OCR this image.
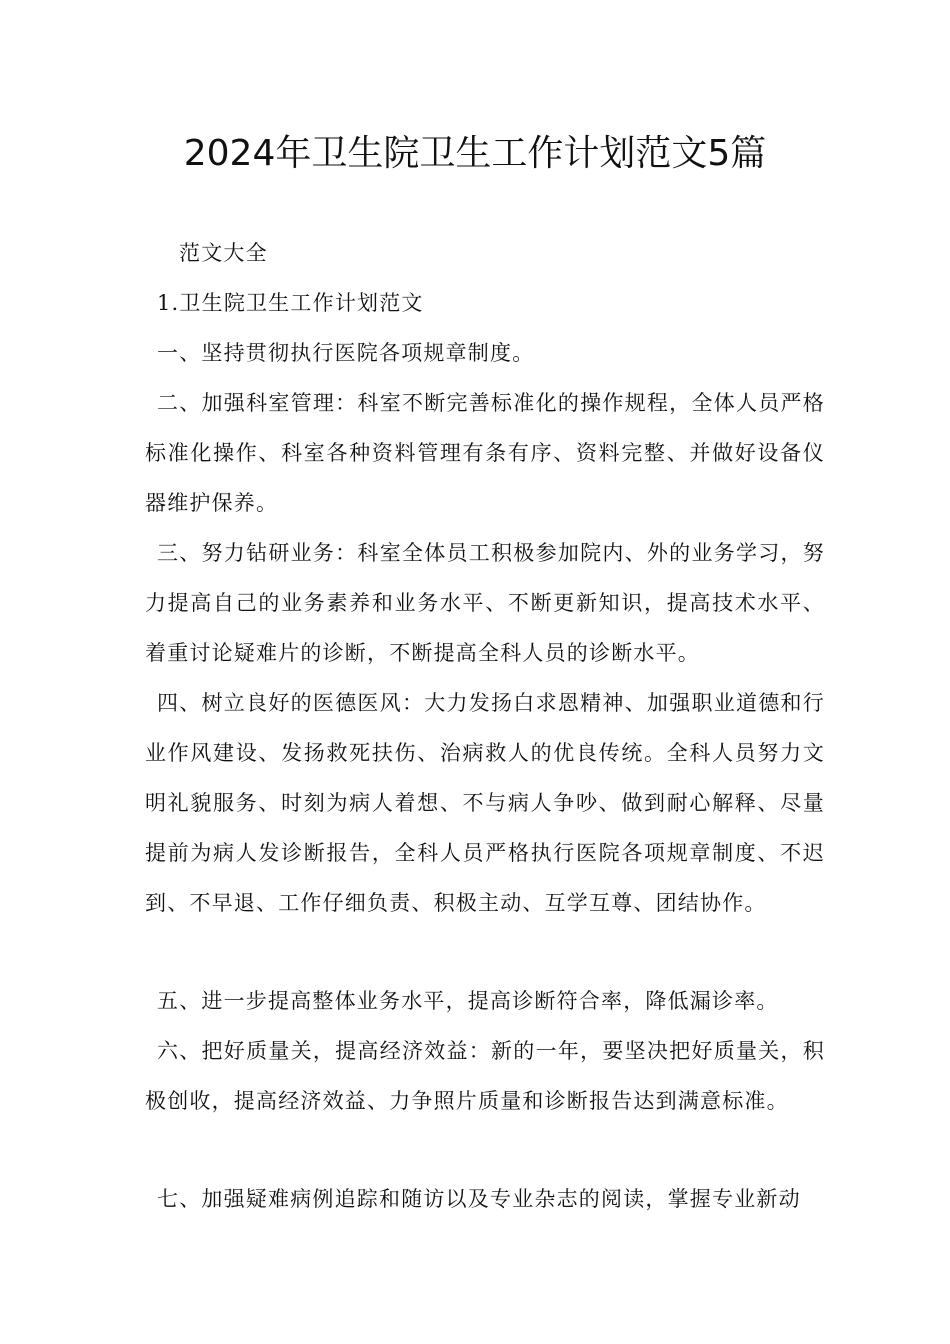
2024年卫生院卫生工作计划范文5篇
范文大全
1.卫生院卫生工作计划范文
一、坚持贯彻执行医院各项规章制度。
二、加强科室管理：科室不断完善标准化的操作规程，全体人员严格标准化操作、科室各种资料管理有条有序、资料完整、并做好设备仪器维护保养。
三、努力钻研业务：科室全体员工积极参加院内、外的业务学习，努力提高自己的业务素养和业务水平、不断更新知识，提高技术水平、着重讨论疑难片的诊断，不断提高全科人员的诊断水平。
四、树立良好的医德医风：大力发扬白求恩精神、加强职业道德和行业作风建设、发扬救死扶伤、治病救人的优良传统。全科人员努力文明礼貌服务、时刻为病人着想、不与病人争吵、做到耐心解释、尽量提前为病人发诊断报告，全科人员严格执行医院各项规章制度、不迟到、不早退、工作仔细负责、积极主动、互学互尊、团结协作。
五、进一步提高整体业务水平，提高诊断符合率，降低漏诊率。
六、把好质量关，提高经济效益：新的一年，要坚决把好质量关，积极创收，提高经济效益、力争照片质量和诊断报告达到满意标准。
七、加强疑难病例追踪和随访以及专业杂志的阅读，掌握专业新动
